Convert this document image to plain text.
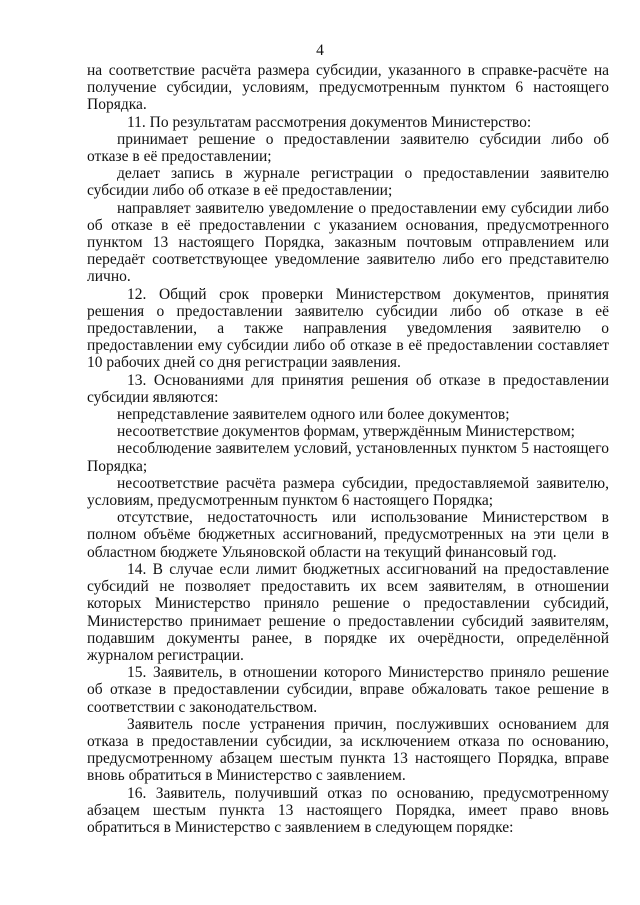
4

на соответствие расчёта размера субсидии, указанного в справке-расчёте на получение субсидии, условиям, предусмотренным пунктом 6 настоящего Порядка.

11. По результатам рассмотрения документов Министерство:

принимает решение о предоставлении заявителю субсидии либо об отказе в её предоставлении;

делает запись в журнале регистрации о предоставлении заявителю субсидии либо об отказе в её предоставлении;

направляет заявителю уведомление о предоставлении ему субсидии либо об отказе в её предоставлении с указанием основания, предусмотренного пунктом 13 настоящего Порядка, заказным почтовым отправлением или передаёт соответствующее уведомление заявителю либо его представителю лично.

12. Общий срок проверки Министерством документов, принятия решения о предоставлении заявителю субсидии либо об отказе в её предоставлении, а также направления уведомления заявителю о предоставлении ему субсидии либо об отказе в её предоставлении составляет 10 рабочих дней со дня регистрации заявления.

13. Основаниями для принятия решения об отказе в предоставлении субсидии являются:

непредставление заявителем одного или более документов;

несоответствие документов формам, утверждённым Министерством;

несоблюдение заявителем условий, установленных пунктом 5 настоящего Порядка;

несоответствие расчёта размера субсидии, предоставляемой заявителю, условиям, предусмотренным пунктом 6 настоящего Порядка;

отсутствие, недостаточность или использование Министерством в полном объёме бюджетных ассигнований, предусмотренных на эти цели в областном бюджете Ульяновской области на текущий финансовый год.

14. В случае если лимит бюджетных ассигнований на предоставление субсидий не позволяет предоставить их всем заявителям, в отношении которых Министерство приняло решение о предоставлении субсидий, Министерство принимает решение о предоставлении субсидий заявителям, подавшим документы ранее, в порядке их очерёдности, определённой журналом регистрации.

15. Заявитель, в отношении которого Министерство приняло решение об отказе в предоставлении субсидии, вправе обжаловать такое решение в соответствии с законодательством.

Заявитель после устранения причин, послуживших основанием для отказа в предоставлении субсидии, за исключением отказа по основанию, предусмотренному абзацем шестым пункта 13 настоящего Порядка, вправе вновь обратиться в Министерство с заявлением.

16. Заявитель, получивший отказ по основанию, предусмотренному абзацем шестым пункта 13 настоящего Порядка, имеет право вновь обратиться в Министерство с заявлением в следующем порядке:
